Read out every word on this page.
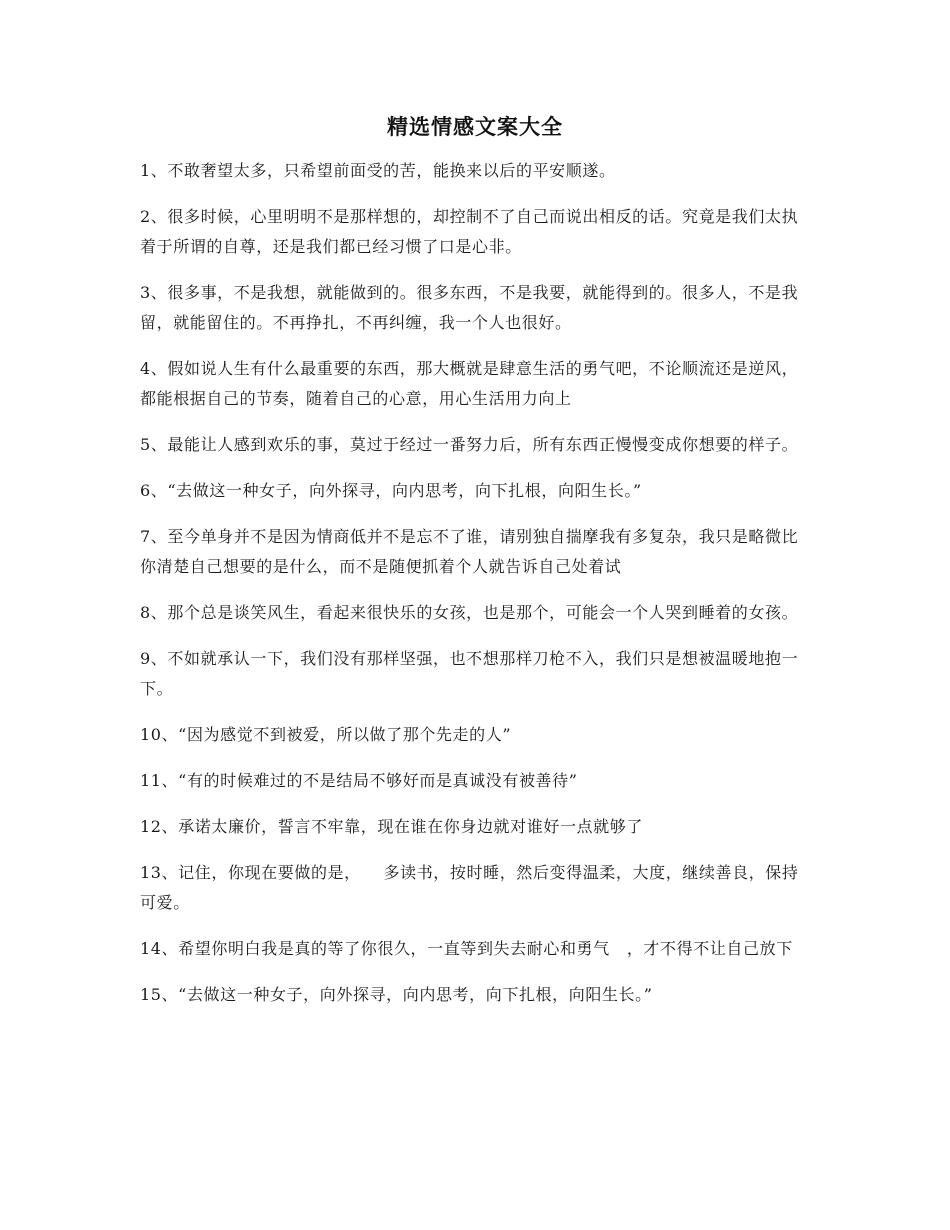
精选情感文案大全

1、不敢奢望太多，只希望前面受的苦，能换来以后的平安顺遂。

2、很多时候，心里明明不是那样想的，却控制不了自己而说出相反的话。究竟是我们太执着于所谓的自尊，还是我们都已经习惯了口是心非。

3、很多事，不是我想，就能做到的。很多东西，不是我要，就能得到的。很多人，不是我留，就能留住的。不再挣扎，不再纠缠，我一个人也很好。

4、假如说人生有什么最重要的东西，那大概就是肆意生活的勇气吧，不论顺流还是逆风，都能根据自己的节奏，随着自己的心意，用心生活用力向上

5、最能让人感到欢乐的事，莫过于经过一番努力后，所有东西正慢慢变成你想要的样子。

6、“去做这一种女子，向外探寻，向内思考，向下扎根，向阳生长。”

7、至今单身并不是因为情商低并不是忘不了谁，请别独自揣摩我有多复杂，我只是略微比你清楚自己想要的是什么，而不是随便抓着个人就告诉自己处着试

8、那个总是谈笑风生，看起来很快乐的女孩，也是那个，可能会一个人哭到睡着的女孩。

9、不如就承认一下，我们没有那样坚强，也不想那样刀枪不入，我们只是想被温暖地抱一下。

10、“因为感觉不到被爱，所以做了那个先走的人”

11、“有的时候难过的不是结局不够好而是真诚没有被善待”

12、承诺太廉价，誓言不牢靠，现在谁在你身边就对谁好一点就够了

13、记住，你现在要做的是，    多读书，按时睡，然后变得温柔，大度，继续善良，保持可爱。

14、希望你明白我是真的等了你很久，一直等到失去耐心和勇气   ，才不得不让自己放下

15、“去做这一种女子，向外探寻，向内思考，向下扎根，向阳生长。”
